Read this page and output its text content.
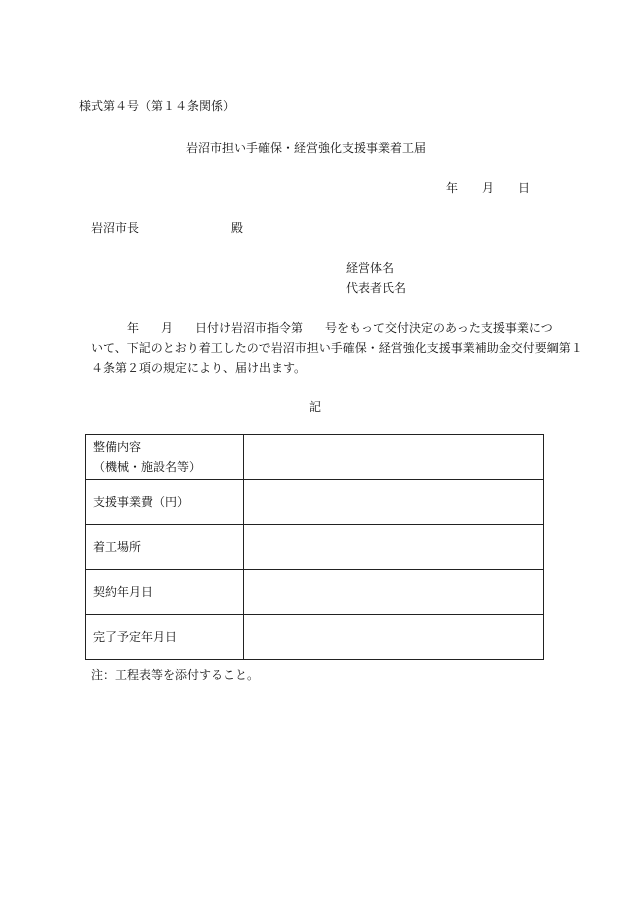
様式第４号（第１４条関係）
岩沼市担い手確保・経営強化支援事業着工届
年 月 日
岩沼市長	殿
経営体名
代表者氏名
年 月 日付け岩沼市指令第 号をもって交付決定のあった支援事業につ
いて、下記のとおり着工したので岩沼市担い手確保・経営強化支援事業補助金交付要綱第１
４条第２項の規定により、届け出ます。
記
整備内容
（機械・施設名等）	

支援事業費（円）	
着工場所	
契約年月日	
完了予定年月日	
注：工程表等を添付すること。
